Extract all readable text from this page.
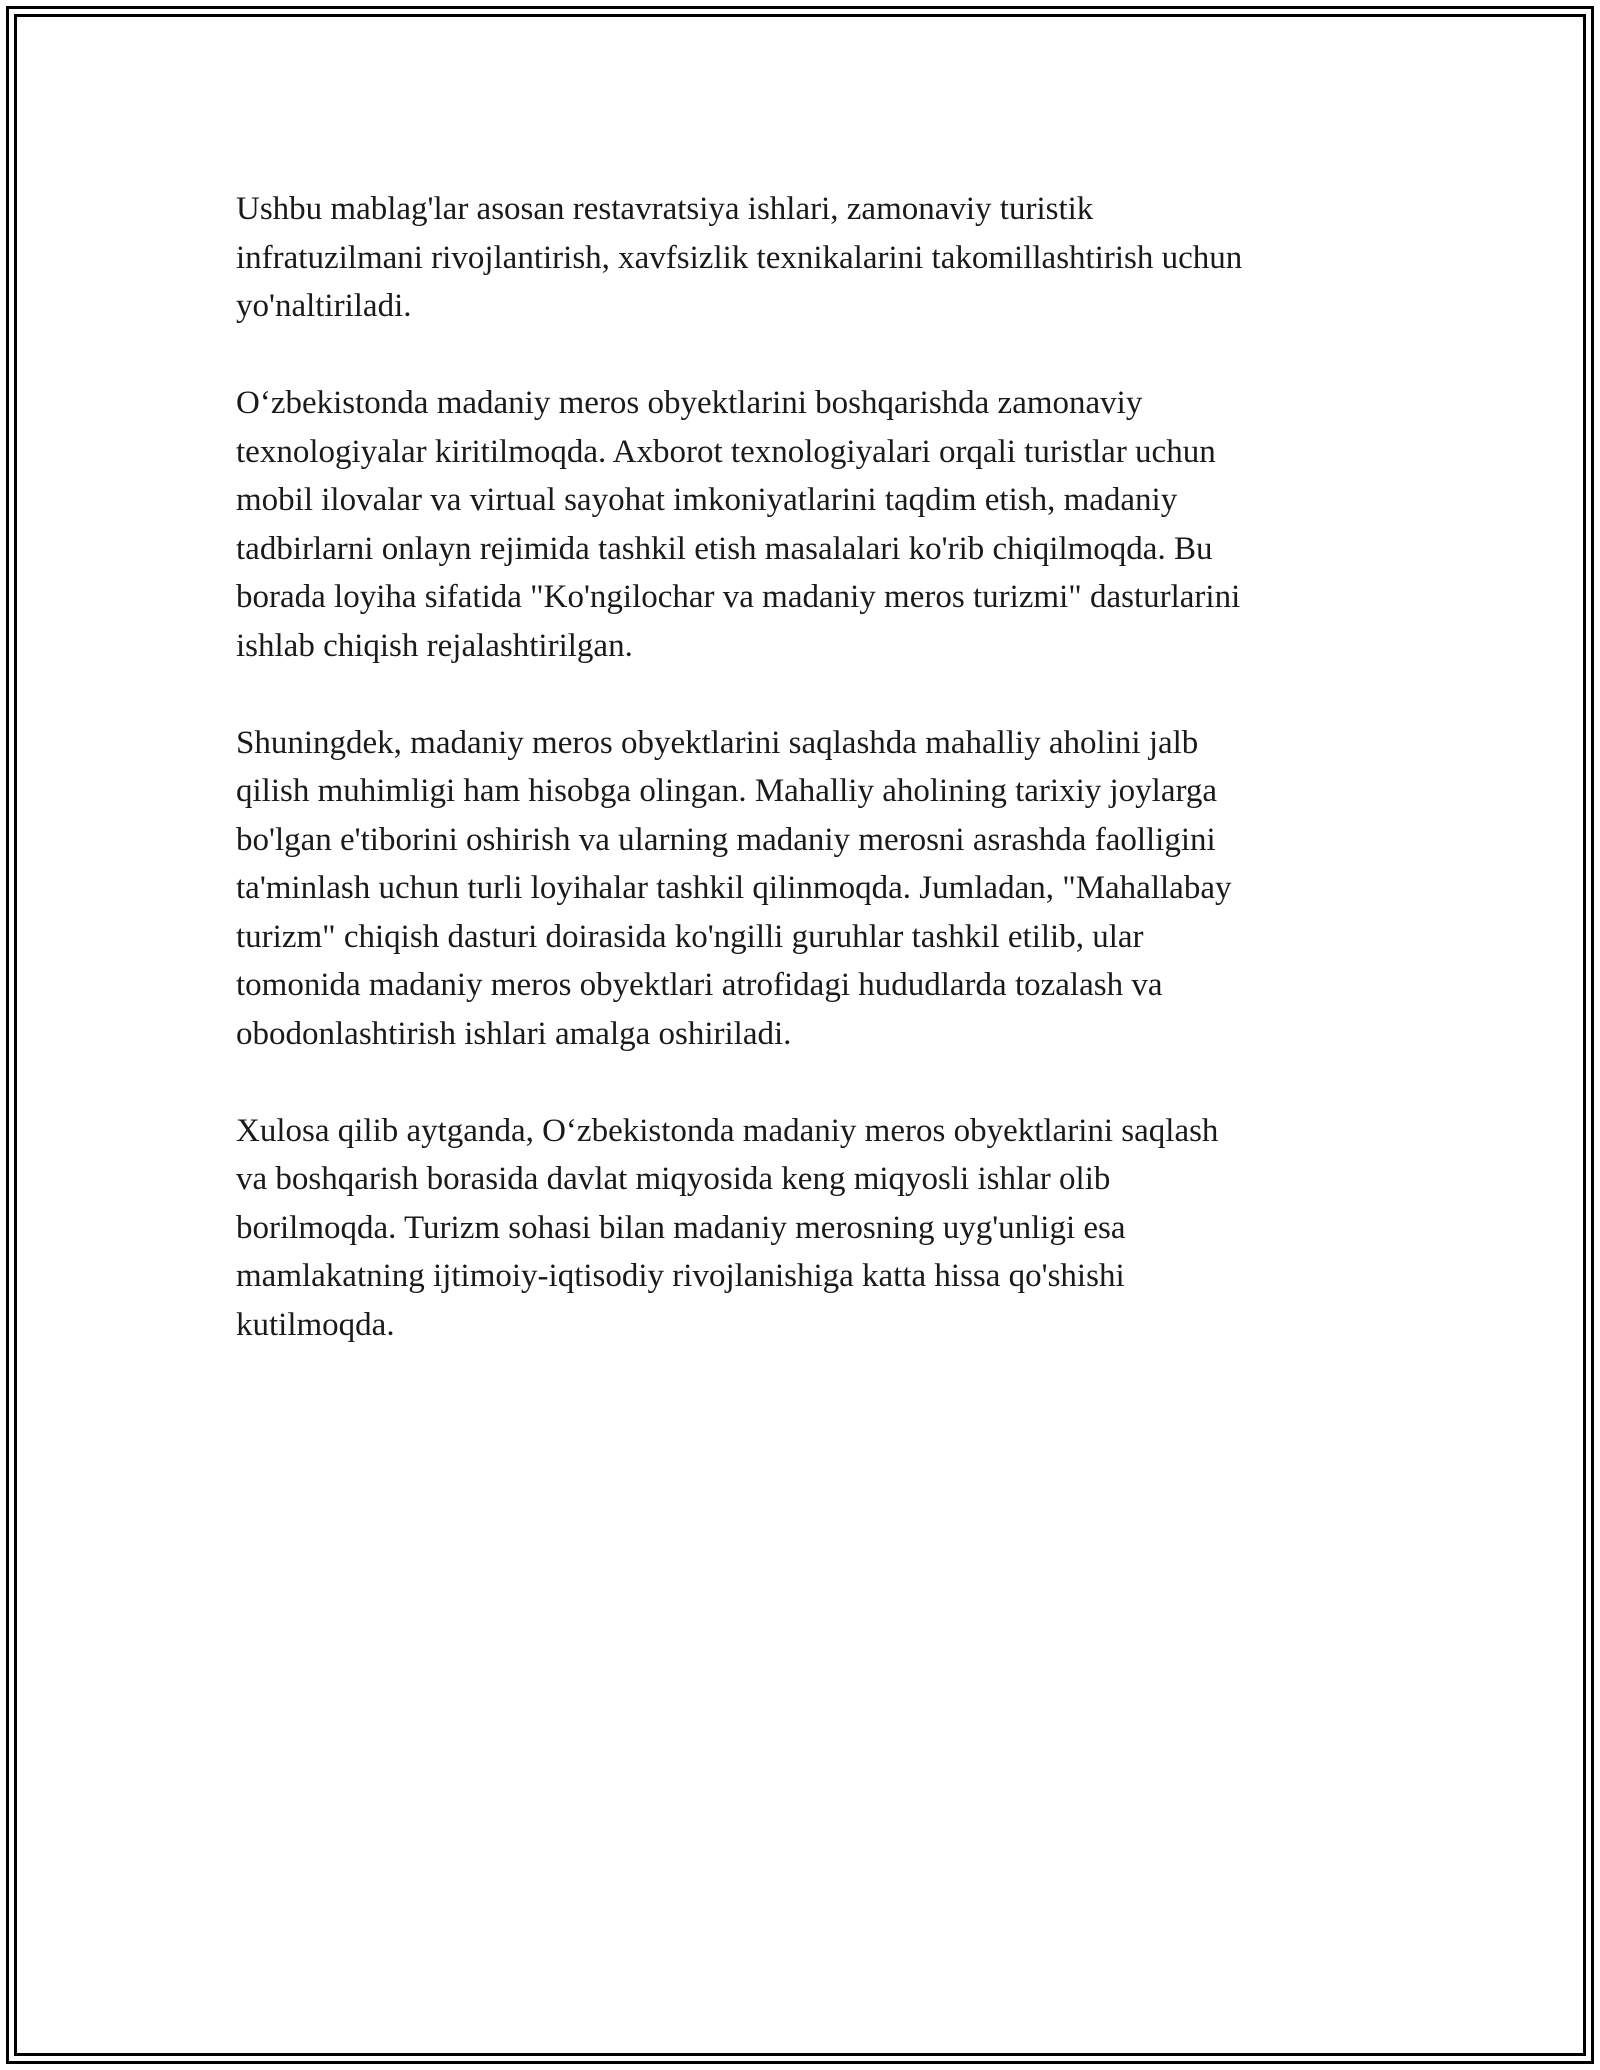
Ushbu mablag'lar asosan restavratsiya ishlari, zamonaviy turistik
infratuzilmani rivojlantirish, xavfsizlik texnikalarini takomillashtirish uchun
yo'naltiriladi.

O‘zbekistonda madaniy meros obyektlarini boshqarishda zamonaviy
texnologiyalar kiritilmoqda. Axborot texnologiyalari orqali turistlar uchun
mobil ilovalar va virtual sayohat imkoniyatlarini taqdim etish, madaniy
tadbirlarni onlayn rejimida tashkil etish masalalari ko'rib chiqilmoqda. Bu
borada loyiha sifatida "Ko'ngilochar va madaniy meros turizmi" dasturlarini
ishlab chiqish rejalashtirilgan.

Shuningdek, madaniy meros obyektlarini saqlashda mahalliy aholini jalb
qilish muhimligi ham hisobga olingan. Mahalliy aholining tarixiy joylarga
bo'lgan e'tiborini oshirish va ularning madaniy merosni asrashda faolligini
ta'minlash uchun turli loyihalar tashkil qilinmoqda. Jumladan, "Mahallabay
turizm" chiqish dasturi doirasida ko'ngilli guruhlar tashkil etilib, ular
tomonida madaniy meros obyektlari atrofidagi hududlarda tozalash va
obodonlashtirish ishlari amalga oshiriladi.

Xulosa qilib aytganda, O‘zbekistonda madaniy meros obyektlarini saqlash
va boshqarish borasida davlat miqyosida keng miqyosli ishlar olib
borilmoqda. Turizm sohasi bilan madaniy merosning uyg'unligi esa
mamlakatning ijtimoiy-iqtisodiy rivojlanishiga katta hissa qo'shishi
kutilmoqda.
